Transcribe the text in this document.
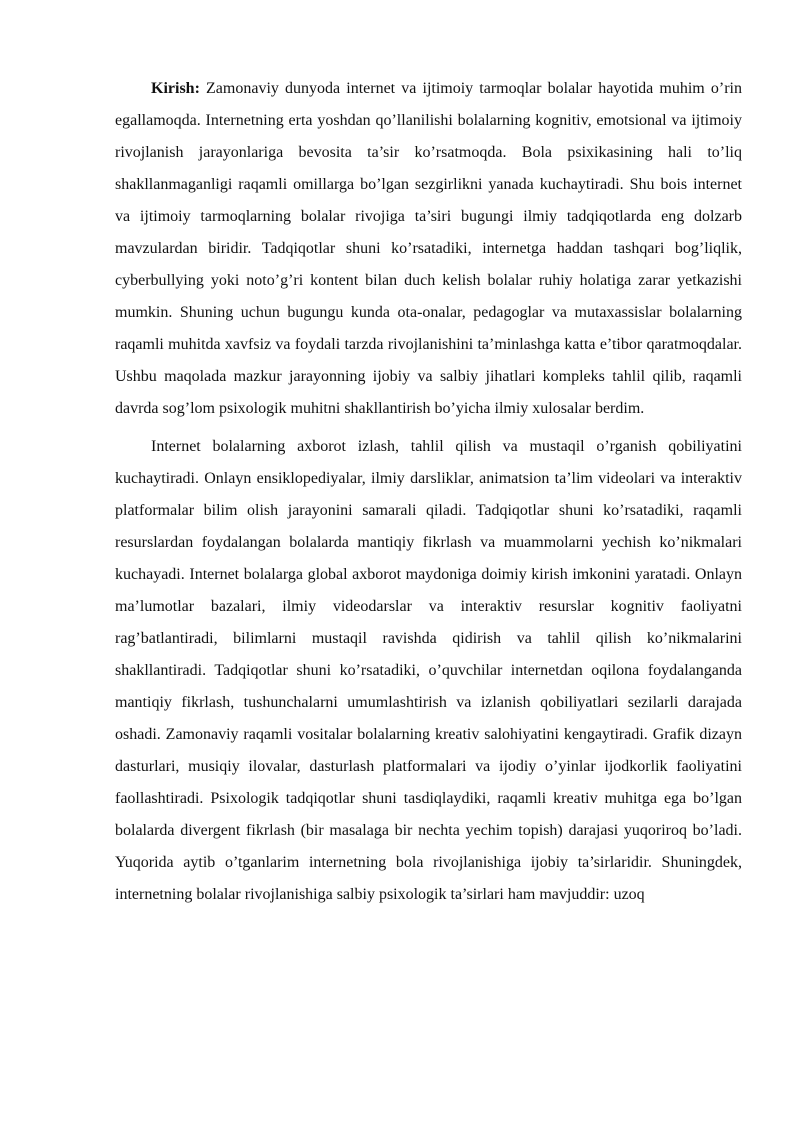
Kirish: Zamonaviy dunyoda internet va ijtimoiy tarmoqlar bolalar hayotida muhim o’rin egallamoqda. Internetning erta yoshdan qo’llanilishi bolalarning kognitiv, emotsional va ijtimoiy rivojlanish jarayonlariga bevosita ta’sir ko’rsatmoqda. Bola psixikasining hali to’liq shakllanmaganligi raqamli omillarga bo’lgan sezgirlikni yanada kuchaytiradi. Shu bois internet va ijtimoiy tarmoqlarning bolalar rivojiga ta’siri bugungi ilmiy tadqiqotlarda eng dolzarb mavzulardan biridir. Tadqiqotlar shuni ko’rsatadiki, internetga haddan tashqari bog’liqlik, cyberbullying yoki noto’g’ri kontent bilan duch kelish bolalar ruhiy holatiga zarar yetkazishi mumkin. Shuning uchun bugungu kunda ota-onalar, pedagoglar va mutaxassislar bolalarning raqamli muhitda xavfsiz va foydali tarzda rivojlanishini ta’minlashga katta e’tibor qaratmoqdalar. Ushbu maqolada mazkur jarayonning ijobiy va salbiy jihatlari kompleks tahlil qilib, raqamli davrda sog’lom psixologik muhitni shakllantirish bo’yicha ilmiy xulosalar berdim.

Internet bolalarning axborot izlash, tahlil qilish va mustaqil o’rganish qobiliyatini kuchaytiradi. Onlayn ensiklopediyalar, ilmiy darsliklar, animatsion ta’lim videolari va interaktiv platformalar bilim olish jarayonini samarali qiladi. Tadqiqotlar shuni ko’rsatadiki, raqamli resurslardan foydalangan bolalarda mantiqiy fikrlash va muammolarni yechish ko’nikmalari kuchayadi. Internet bolalarga global axborot maydoniga doimiy kirish imkonini yaratadi. Onlayn ma’lumotlar bazalari, ilmiy videodarslar va interaktiv resurslar kognitiv faoliyatni rag’batlantiradi, bilimlarni mustaqil ravishda qidirish va tahlil qilish ko’nikmalarini shakllantiradi. Tadqiqotlar shuni ko’rsatadiki, o’quvchilar internetdan oqilona foydalanganda mantiqiy fikrlash, tushunchalarni umumlashtirish va izlanish qobiliyatlari sezilarli darajada oshadi. Zamonaviy raqamli vositalar bolalarning kreativ salohiyatini kengaytiradi. Grafik dizayn dasturlari, musiqiy ilovalar, dasturlash platformalari va ijodiy o’yinlar ijodkorlik faoliyatini faollashtiradi. Psixologik tadqiqotlar shuni tasdiqlaydiki, raqamli kreativ muhitga ega bo’lgan bolalarda divergent fikrlash (bir masalaga bir nechta yechim topish) darajasi yuqoriroq bo’ladi. Yuqorida aytib o’tganlarim internetning bola rivojlanishiga ijobiy ta’sirlaridir. Shuningdek, internetning bolalar rivojlanishiga salbiy psixologik ta’sirlari ham mavjuddir: uzoq
